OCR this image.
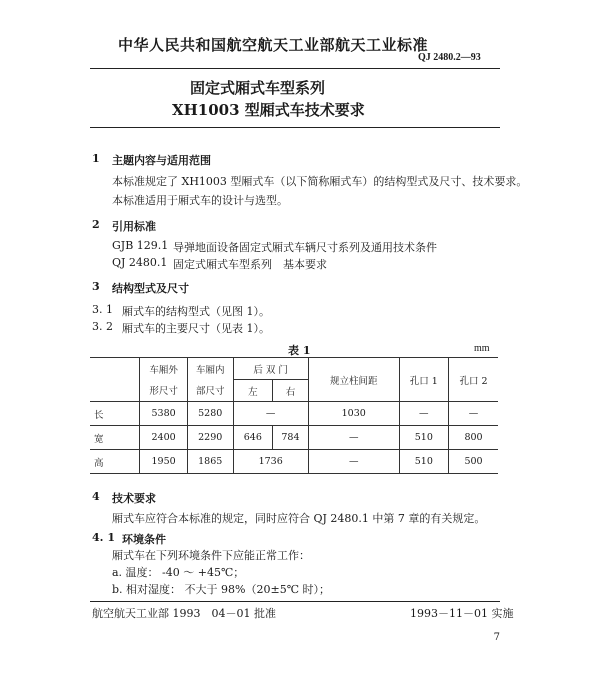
中华人民共和国航空航天工业部航天工业标准
QJ 2480.2—93
固定式厢式车型系列
XH1003 型厢式车技术要求
1 主题内容与适用范围
本标准规定了 XH1003 型厢式车（以下简称厢式车）的结构型式及尺寸、技术要求。
本标准适用于厢式车的设计与选型。
2 引用标准
GJB 129.1 导弹地面设备固定式厢式车辆尺寸系列及通用技术条件
QJ 2480.1 固定式厢式车型系列　基本要求
3 结构型式及尺寸
3. 1 厢式车的结构型式（见图 1）。
3. 2 厢式车的主要尺寸（见表 1）。
表 1	mm
	车厢外	车厢内	后 双 门		规立柱间距	孔口 1	孔口 2
	形尺寸	部尺寸	左	右			
长	5380	5280	—		1030	—	—
宽	2400	2290	646	784	—	510	800
高	1950	1865	1736		—	510	500
4 技术要求
厢式车应符合本标准的规定，同时应符合 QJ 2480.1 中第 7 章的有关规定。
4. 1 环境条件
厢式车在下列环境条件下应能正常工作：
a. 温度： -40 ～ +45℃；
b. 相对湿度： 不大于 98%（20±5℃ 时）；
航空航天工业部 1993　04－01 批准	1993－11－01 实施
7
